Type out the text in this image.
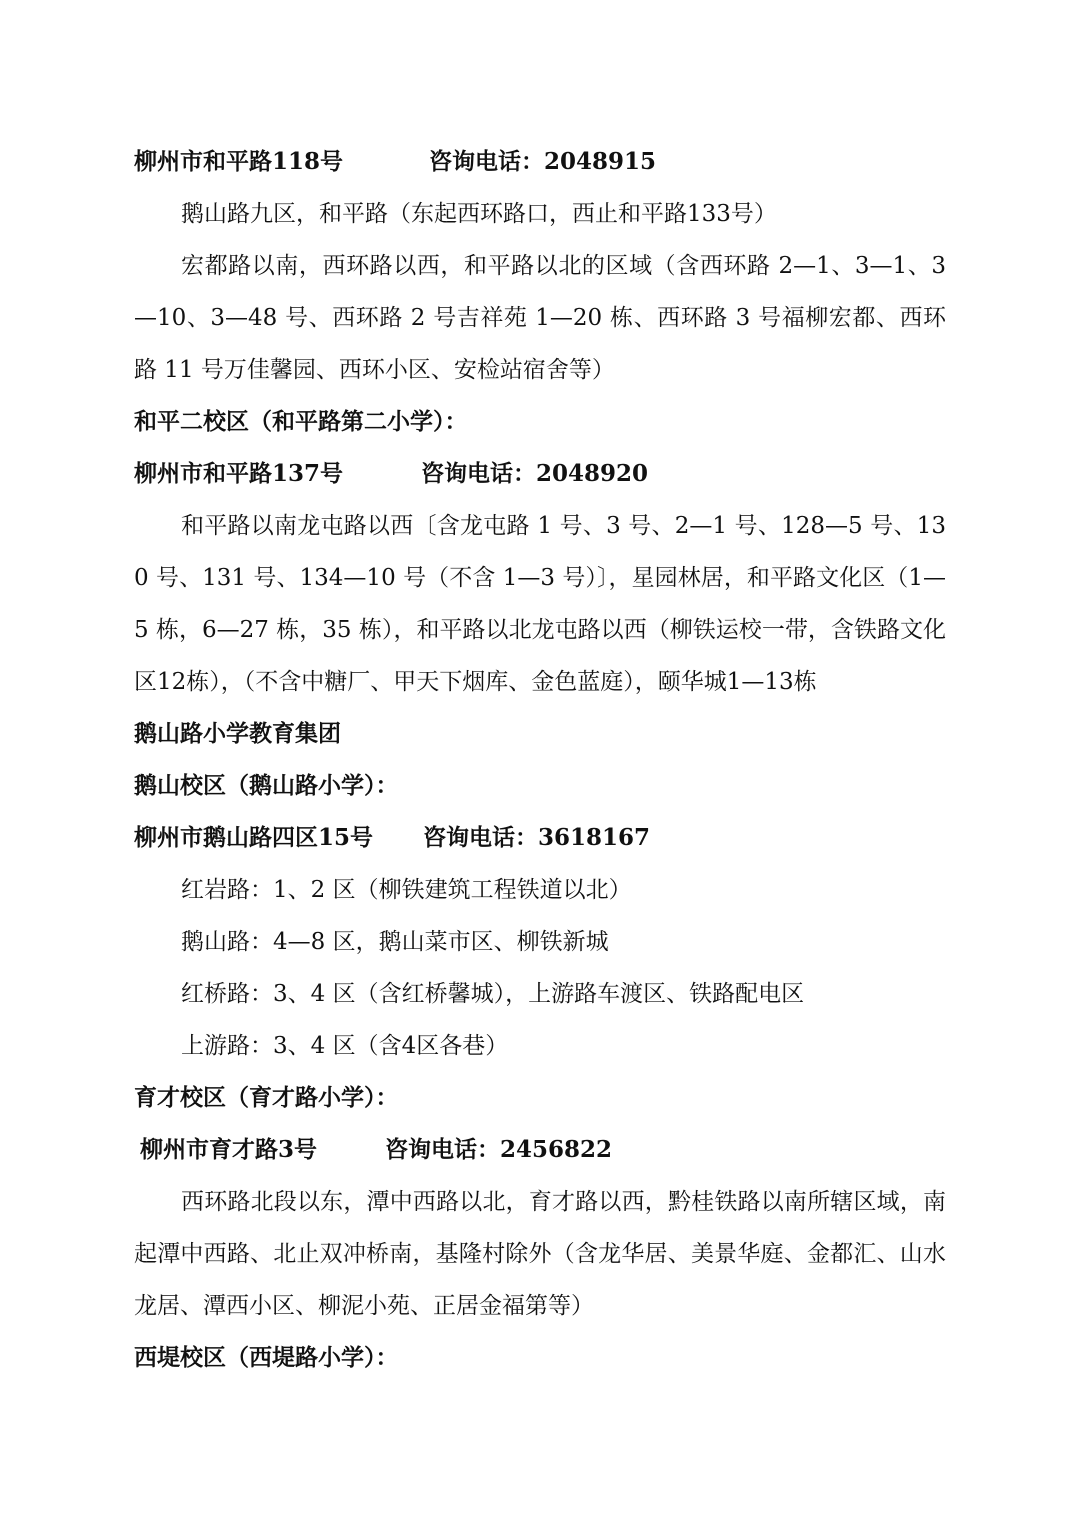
柳州市和平路118号	咨询电话：2048915
鹅山路九区，和平路（东起西环路口，西止和平路133号）
宏都路以南，西环路以西，和平路以北的区域（含西环路 2—1、3—1、3—10、3—48 号、西环路 2 号吉祥苑 1—20 栋、西环路 3 号福柳宏都、西环路 11 号万佳馨园、西环小区、安检站宿舍等）
和平二校区（和平路第二小学）：
柳州市和平路137号	咨询电话：2048920
和平路以南龙屯路以西〔含龙屯路 1 号、3 号、2—1 号、128—5 号、130 号、131 号、134—10 号（不含 1—3 号）〕，星园林居，和平路文化区（1—5 栋，6—27 栋，35 栋），和平路以北龙屯路以西（柳铁运校一带，含铁路文化区12栋），（不含中糖厂、甲天下烟库、金色蓝庭），颐华城1—13栋
鹅山路小学教育集团
鹅山校区（鹅山路小学）：
柳州市鹅山路四区15号 咨询电话：3618167
红岩路：1、2 区（柳铁建筑工程铁道以北）
鹅山路：4—8 区，鹅山菜市区、柳铁新城
红桥路：3、4 区（含红桥馨城），上游路车渡区、铁路配电区
上游路：3、4 区（含4区各巷）
育才校区（育才路小学）：
柳州市育才路3号	咨询电话：2456822
西环路北段以东，潭中西路以北，育才路以西，黔桂铁路以南所辖区域，南起潭中西路、北止双冲桥南，基隆村除外（含龙华居、美景华庭、金都汇、山水龙居、潭西小区、柳泥小苑、正居金福第等）
西堤校区（西堤路小学）：
